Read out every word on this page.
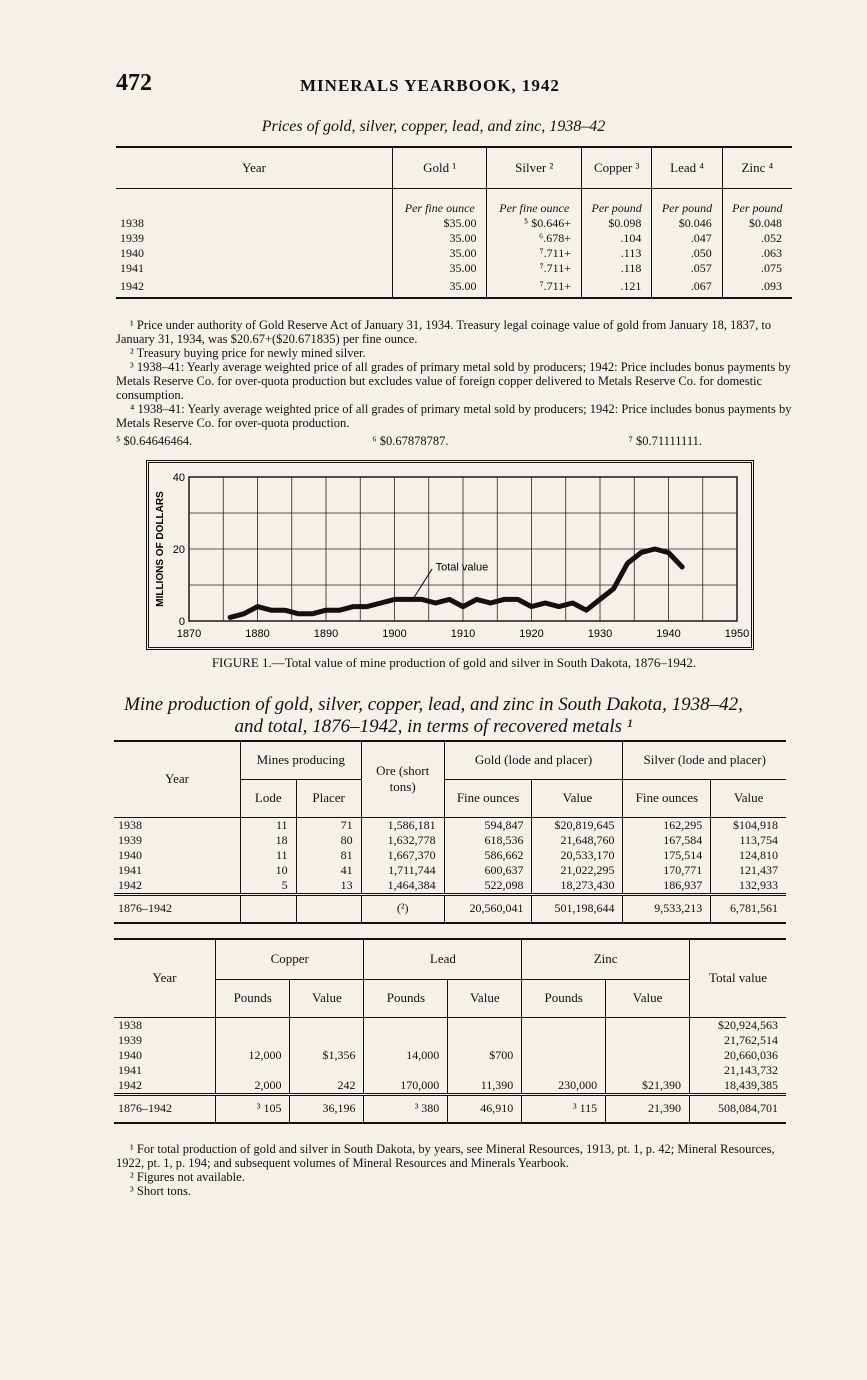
472	MINERALS YEARBOOK, 1942
Prices of gold, silver, copper, lead, and zinc, 1938–42
Year	Gold ¹	Silver ²	Copper ³	Lead ⁴	Zinc ⁴
	Per fine ounce	Per fine ounce	Per pound	Per pound	Per pound
1938	$35.00	⁵ $0.646+	$0.098	$0.046	$0.048
1939	35.00	⁶.678+	.104	.047	.052
1940	35.00	⁷.711+	.113	.050	.063
1941	35.00	⁷.711+	.118	.057	.075
1942	35.00	⁷.711+	.121	.067	.093

¹ Price under authority of Gold Reserve Act of January 31, 1934. Treasury legal coinage value of gold from January 18, 1837, to January 31, 1934, was $20.67+($20.671835) per fine ounce.

² Treasury buying price for newly mined silver.

³ 1938–41: Yearly average weighted price of all grades of primary metal sold by producers; 1942: Price includes bonus payments by Metals Reserve Co. for over-quota production but excludes value of foreign copper delivered to Metals Reserve Co. for domestic consumption.

⁴ 1938–41: Yearly average weighted price of all grades of primary metal sold by producers; 1942: Price includes bonus payments by Metals Reserve Co. for over-quota production.

⁵ $0.64646464.	⁶ $0.67878787.	⁷ $0.71111111.
1870	1880	1890	1900	1910	1920	1930	1940	1950
0
20
40
MILLIONS OF DOLLARS	Total value
FIGURE 1.—Total value of mine production of gold and silver in South Dakota, 1876–1942.
Mine production of gold, silver, copper, lead, and zinc in South Dakota, 1938–42,
and total, 1876–1942, in terms of recovered metals ¹
Year	Mines producing		Ore (short tons)	Gold (lode and placer)		Silver (lode and placer)	
	Lode	Placer		Fine ounces	Value	Fine ounces	Value
1938	11	71	1,586,181	594,847	$20,819,645	162,295	$104,918
1939	18	80	1,632,778	618,536	21,648,760	167,584	113,754
1940	11	81	1,667,370	586,662	20,533,170	175,514	124,810
1941	10	41	1,711,744	600,637	21,022,295	170,771	121,437
1942	5	13	1,464,384	522,098	18,273,430	186,937	132,933
1876–1942			(²)	20,560,041	501,198,644	9,533,213	6,781,561
Year	Copper		Lead		Zinc		Total value
	Pounds	Value	Pounds	Value	Pounds	Value	
1938							$20,924,563
1939							21,762,514
1940	12,000	$1,356	14,000	$700			20,660,036
1941							21,143,732
1942	2,000	242	170,000	11,390	230,000	$21,390	18,439,385
1876–1942	³ 105	36,196	³ 380	46,910	³ 115	21,390	508,084,701

¹ For total production of gold and silver in South Dakota, by years, see Mineral Resources, 1913, pt. 1, p. 42; Mineral Resources, 1922, pt. 1, p. 194; and subsequent volumes of Mineral Resources and Minerals Yearbook.

² Figures not available.

³ Short tons.
